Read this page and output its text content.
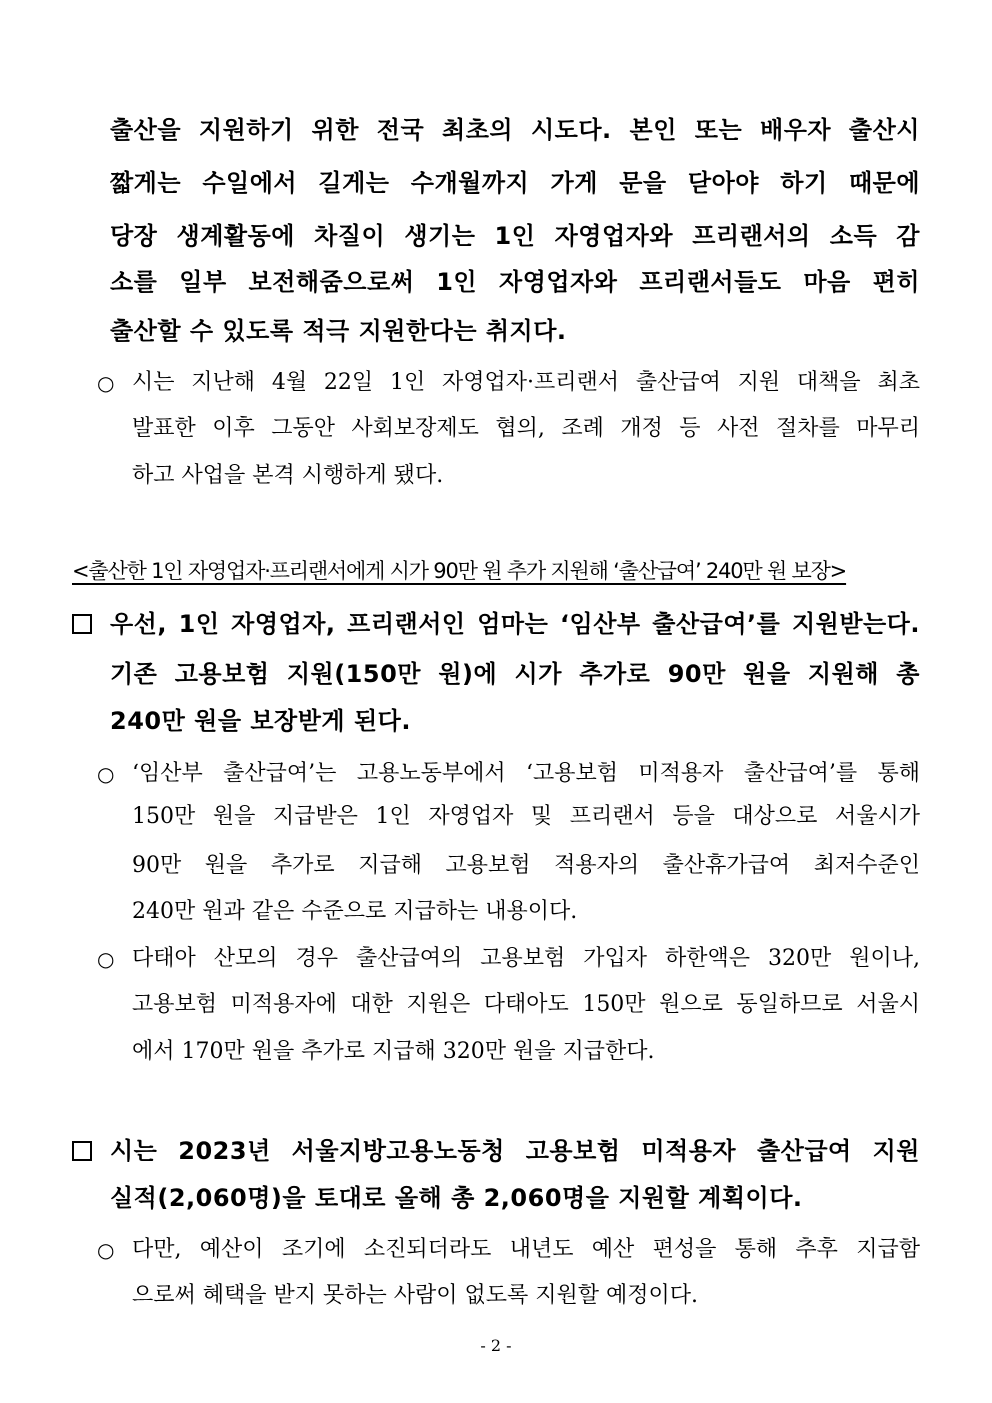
출산을 지원하기 위한 전국 최초의 시도다. 본인 또는 배우자 출산시
짧게는 수일에서 길게는 수개월까지 가게 문을 닫아야 하기 때문에
당장 생계활동에 차질이 생기는 1인 자영업자와 프리랜서의 소득 감
소를 일부 보전해줌으로써 1인 자영업자와 프리랜서들도 마음 편히
출산할 수 있도록 적극 지원한다는 취지다.
○ 시는 지난해 4월 22일 1인 자영업자·프리랜서 출산급여 지원 대책을 최초
발표한 이후 그동안 사회보장제도 협의, 조례 개정 등 사전 절차를 마무리
하고 사업을 본격 시행하게 됐다.
<출산한 1인 자영업자·프리랜서에게 시가 90만 원 추가 지원해 ‘출산급여’ 240만 원 보장>
우선, 1인 자영업자, 프리랜서인 엄마는 ‘임산부 출산급여’를 지원받는다.
기존 고용보험 지원(150만 원)에 시가 추가로 90만 원을 지원해 총
240만 원을 보장받게 된다.
○ ‘임산부 출산급여’는 고용노동부에서 ‘고용보험 미적용자 출산급여’를 통해
150만 원을 지급받은 1인 자영업자 및 프리랜서 등을 대상으로 서울시가
90만 원을 추가로 지급해 고용보험 적용자의 출산휴가급여 최저수준인
240만 원과 같은 수준으로 지급하는 내용이다.
○ 다태아 산모의 경우 출산급여의 고용보험 가입자 하한액은 320만 원이나,
고용보험 미적용자에 대한 지원은 다태아도 150만 원으로 동일하므로 서울시
에서 170만 원을 추가로 지급해 320만 원을 지급한다.
시는 2023년 서울지방고용노동청 고용보험 미적용자 출산급여 지원
실적(2,060명)을 토대로 올해 총 2,060명을 지원할 계획이다.
○ 다만, 예산이 조기에 소진되더라도 내년도 예산 편성을 통해 추후 지급함
으로써 혜택을 받지 못하는 사람이 없도록 지원할 예정이다.
- 2 -
